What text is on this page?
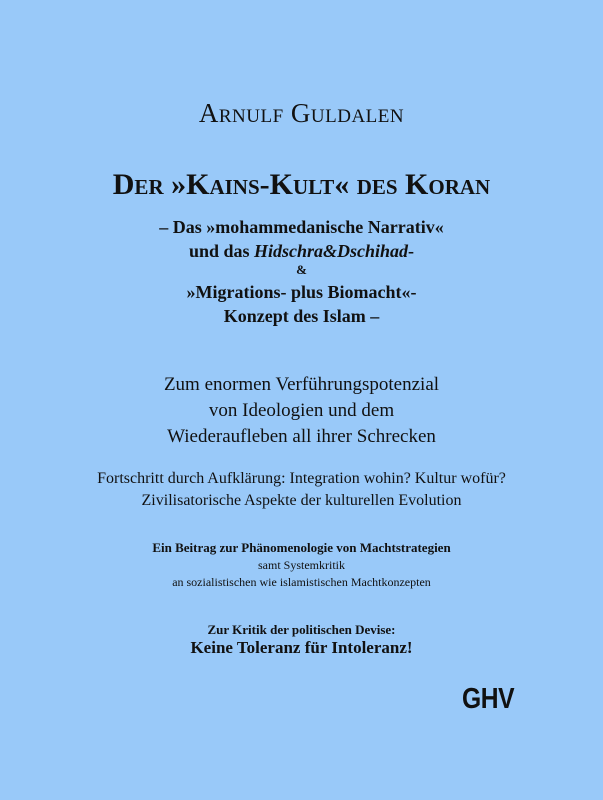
Arnulf Guldalen
Der »Kains-Kult« des Koran
– Das »mohammedanische Narrativ«
und das Hidschra&Dschihad-
&
»Migrations- plus Biomacht«-
Konzept des Islam –
Zum enormen Verführungspotenzial
von Ideologien und dem
Wiederaufleben all ihrer Schrecken
Fortschritt durch Aufklärung: Integration wohin? Kultur wofür?
Zivilisatorische Aspekte der kulturellen Evolution
Ein Beitrag zur Phänomenologie von Machtstrategien
samt Systemkritik
an sozialistischen wie islamistischen Machtkonzepten
Zur Kritik der politischen Devise:
Keine Toleranz für Intoleranz!
GHV
